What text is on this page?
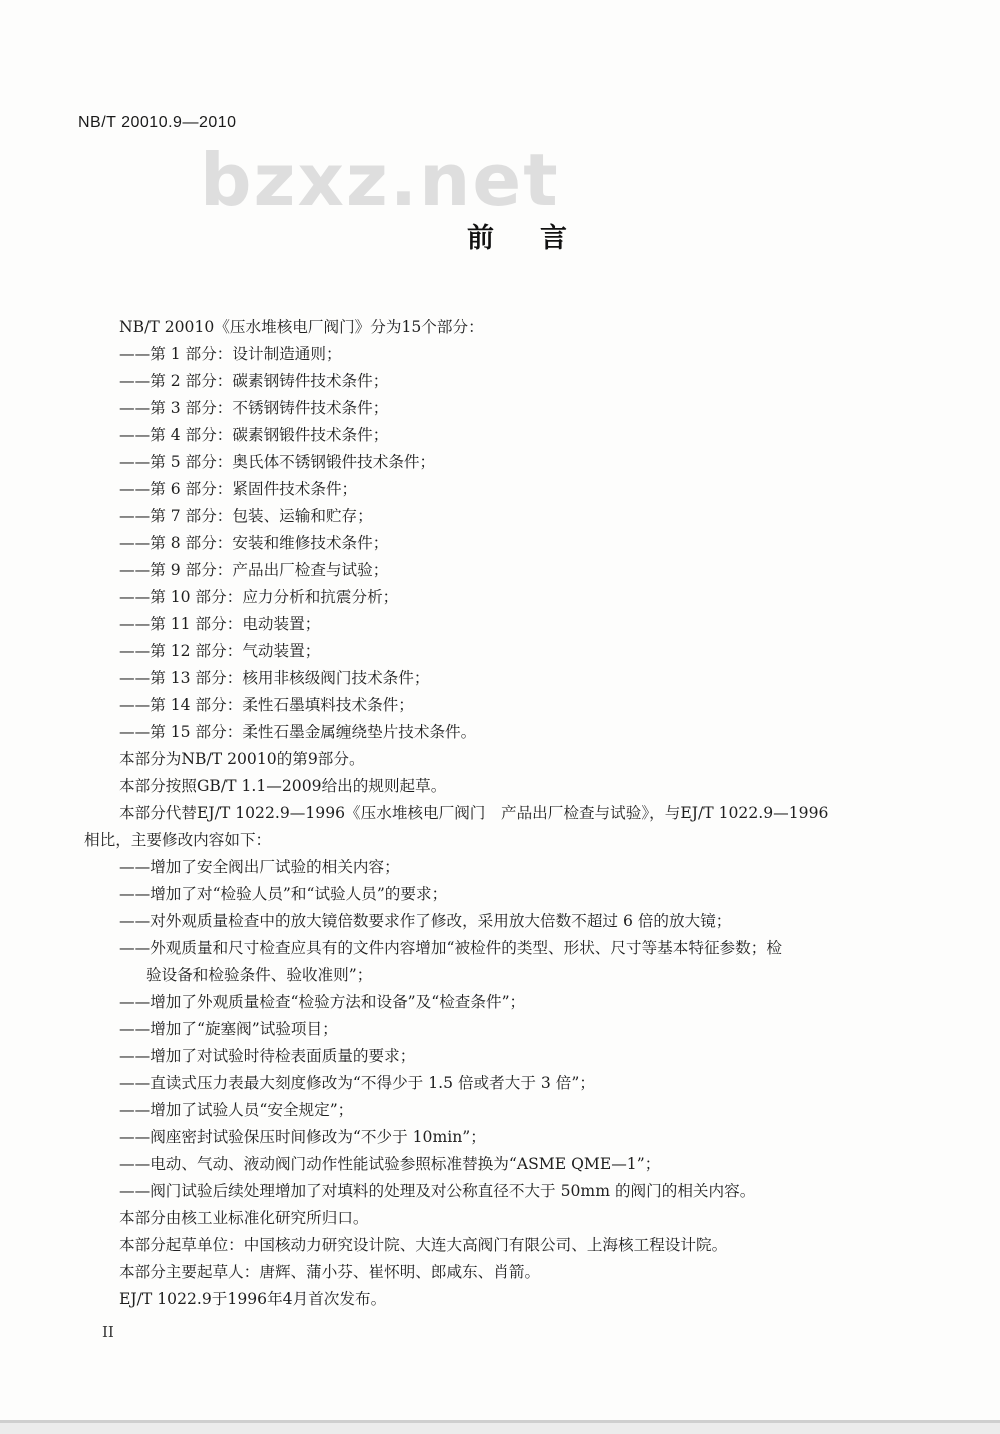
NB/T 20010.9—2010
bzxz.net
前言
NB/T 20010《压水堆核电厂阀门》分为15个部分：
——第 1 部分：设计制造通则；
——第 2 部分：碳素钢铸件技术条件；
——第 3 部分：不锈钢铸件技术条件；
——第 4 部分：碳素钢锻件技术条件；
——第 5 部分：奥氏体不锈钢锻件技术条件；
——第 6 部分：紧固件技术条件；
——第 7 部分：包装、运输和贮存；
——第 8 部分：安装和维修技术条件；
——第 9 部分：产品出厂检查与试验；
——第 10 部分：应力分析和抗震分析；
——第 11 部分：电动装置；
——第 12 部分：气动装置；
——第 13 部分：核用非核级阀门技术条件；
——第 14 部分：柔性石墨填料技术条件；
——第 15 部分：柔性石墨金属缠绕垫片技术条件。
本部分为NB/T 20010的第9部分。
本部分按照GB/T 1.1—2009给出的规则起草。
本部分代替EJ/T 1022.9—1996《压水堆核电厂阀门　产品出厂检查与试验》，与EJ/T 1022.9—1996
相比，主要修改内容如下：
——增加了安全阀出厂试验的相关内容；
——增加了对“检验人员”和“试验人员”的要求；
——对外观质量检查中的放大镜倍数要求作了修改，采用放大倍数不超过 6 倍的放大镜；
——外观质量和尺寸检查应具有的文件内容增加“被检件的类型、形状、尺寸等基本特征参数；检
验设备和检验条件、验收准则”；
——增加了外观质量检查“检验方法和设备”及“检查条件”；
——增加了“旋塞阀”试验项目；
——增加了对试验时待检表面质量的要求；
——直读式压力表最大刻度修改为“不得少于 1.5 倍或者大于 3 倍”；
——增加了试验人员“安全规定”；
——阀座密封试验保压时间修改为“不少于 10min”；
——电动、气动、液动阀门动作性能试验参照标准替换为“ASME QME—1”；
——阀门试验后续处理增加了对填料的处理及对公称直径不大于 50mm 的阀门的相关内容。
本部分由核工业标准化研究所归口。
本部分起草单位：中国核动力研究设计院、大连大高阀门有限公司、上海核工程设计院。
本部分主要起草人：唐辉、蒲小芬、崔怀明、郎咸东、肖箭。
EJ/T 1022.9于1996年4月首次发布。
II
